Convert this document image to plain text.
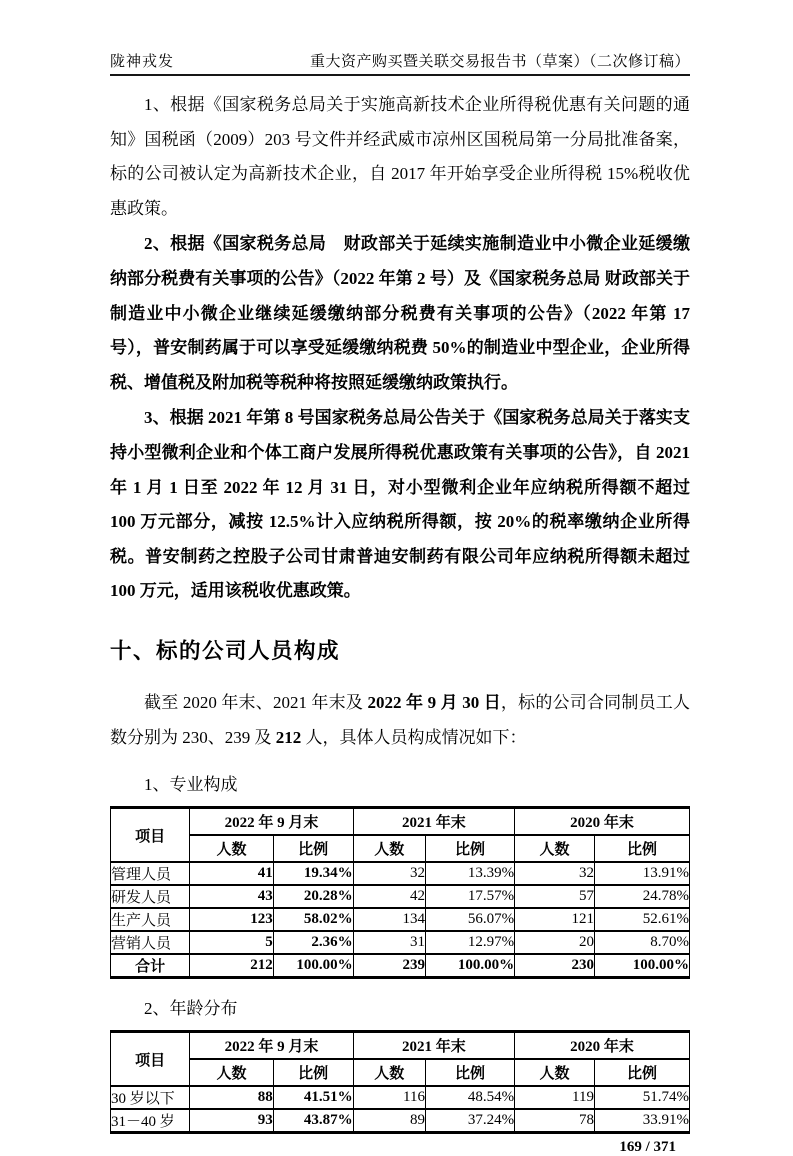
陇神戎发	重大资产购买暨关联交易报告书（草案）（二次修订稿）

1、根据《国家税务总局关于实施高新技术企业所得税优惠有关问题的通知》国税函（2009）203 号文件并经武威市凉州区国税局第一分局批准备案，标的公司被认定为高新技术企业，自 2017 年开始享受企业所得税 15%税收优惠政策。

2、根据《国家税务总局　财政部关于延续实施制造业中小微企业延缓缴纳部分税费有关事项的公告》（2022 年第 2 号）及《国家税务总局 财政部关于制造业中小微企业继续延缓缴纳部分税费有关事项的公告》（2022 年第 17 号），普安制药属于可以享受延缓缴纳税费 50%的制造业中型企业，企业所得税、增值税及附加税等税种将按照延缓缴纳政策执行。

3、根据 2021 年第 8 号国家税务总局公告关于《国家税务总局关于落实支持小型微利企业和个体工商户发展所得税优惠政策有关事项的公告》，自 2021 年 1 月 1 日至 2022 年 12 月 31 日，对小型微利企业年应纳税所得额不超过 100 万元部分，减按 12.5%计入应纳税所得额，按 20%的税率缴纳企业所得税。普安制药之控股子公司甘肃普迪安制药有限公司年应纳税所得额未超过 100 万元，适用该税收优惠政策。

十、标的公司人员构成

截至 2020 年末、2021 年末及 2022 年 9 月 30 日，标的公司合同制员工人数分别为 230、239 及 212 人，具体人员构成情况如下：

1、专业构成
项目	2022 年 9 月末		2021 年末		2020 年末	
	人数	比例	人数	比例	人数	比例
管理人员	41	19.34%	32	13.39%	32	13.91%
研发人员	43	20.28%	42	17.57%	57	24.78%
生产人员	123	58.02%	134	56.07%	121	52.61%
营销人员	5	2.36%	31	12.97%	20	8.70%
合计	212	100.00%	239	100.00%	230	100.00%
2、年龄分布
项目	2022 年 9 月末		2021 年末		2020 年末	
	人数	比例	人数	比例	人数	比例
30 岁以下	88	41.51%	116	48.54%	119	51.74%
31－40 岁	93	43.87%	89	37.24%	78	33.91%
169 / 371
